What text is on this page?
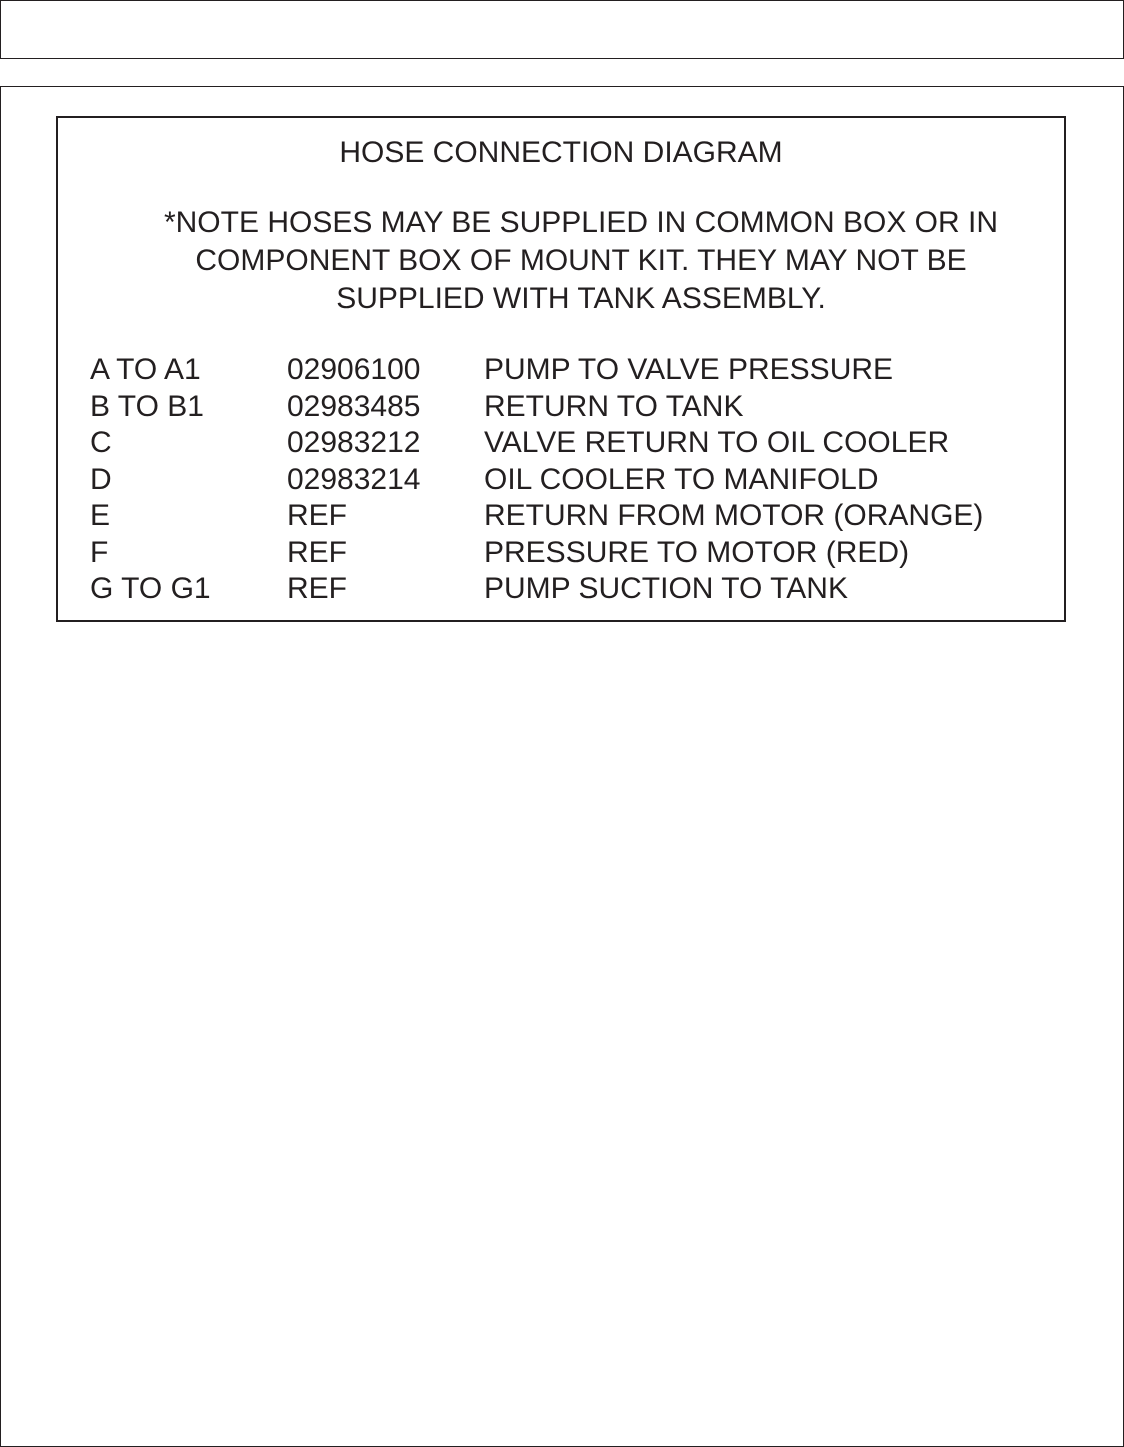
HOSE CONNECTION DIAGRAM
*NOTE HOSES MAY BE SUPPLIED IN COMMON BOX OR IN
COMPONENT BOX OF MOUNT KIT. THEY MAY NOT BE
SUPPLIED WITH TANK ASSEMBLY.
A TO A1	02906100 PUMP TO VALVE PRESSURE
B TO B1	02983485 RETURN TO TANK
C	02983212 VALVE RETURN TO OIL COOLER
D	02983214 OIL COOLER TO MANIFOLD
E	REF	RETURN FROM MOTOR (ORANGE)
F	REF	PRESSURE TO MOTOR (RED)
G TO G1	REF	PUMP SUCTION TO TANK
